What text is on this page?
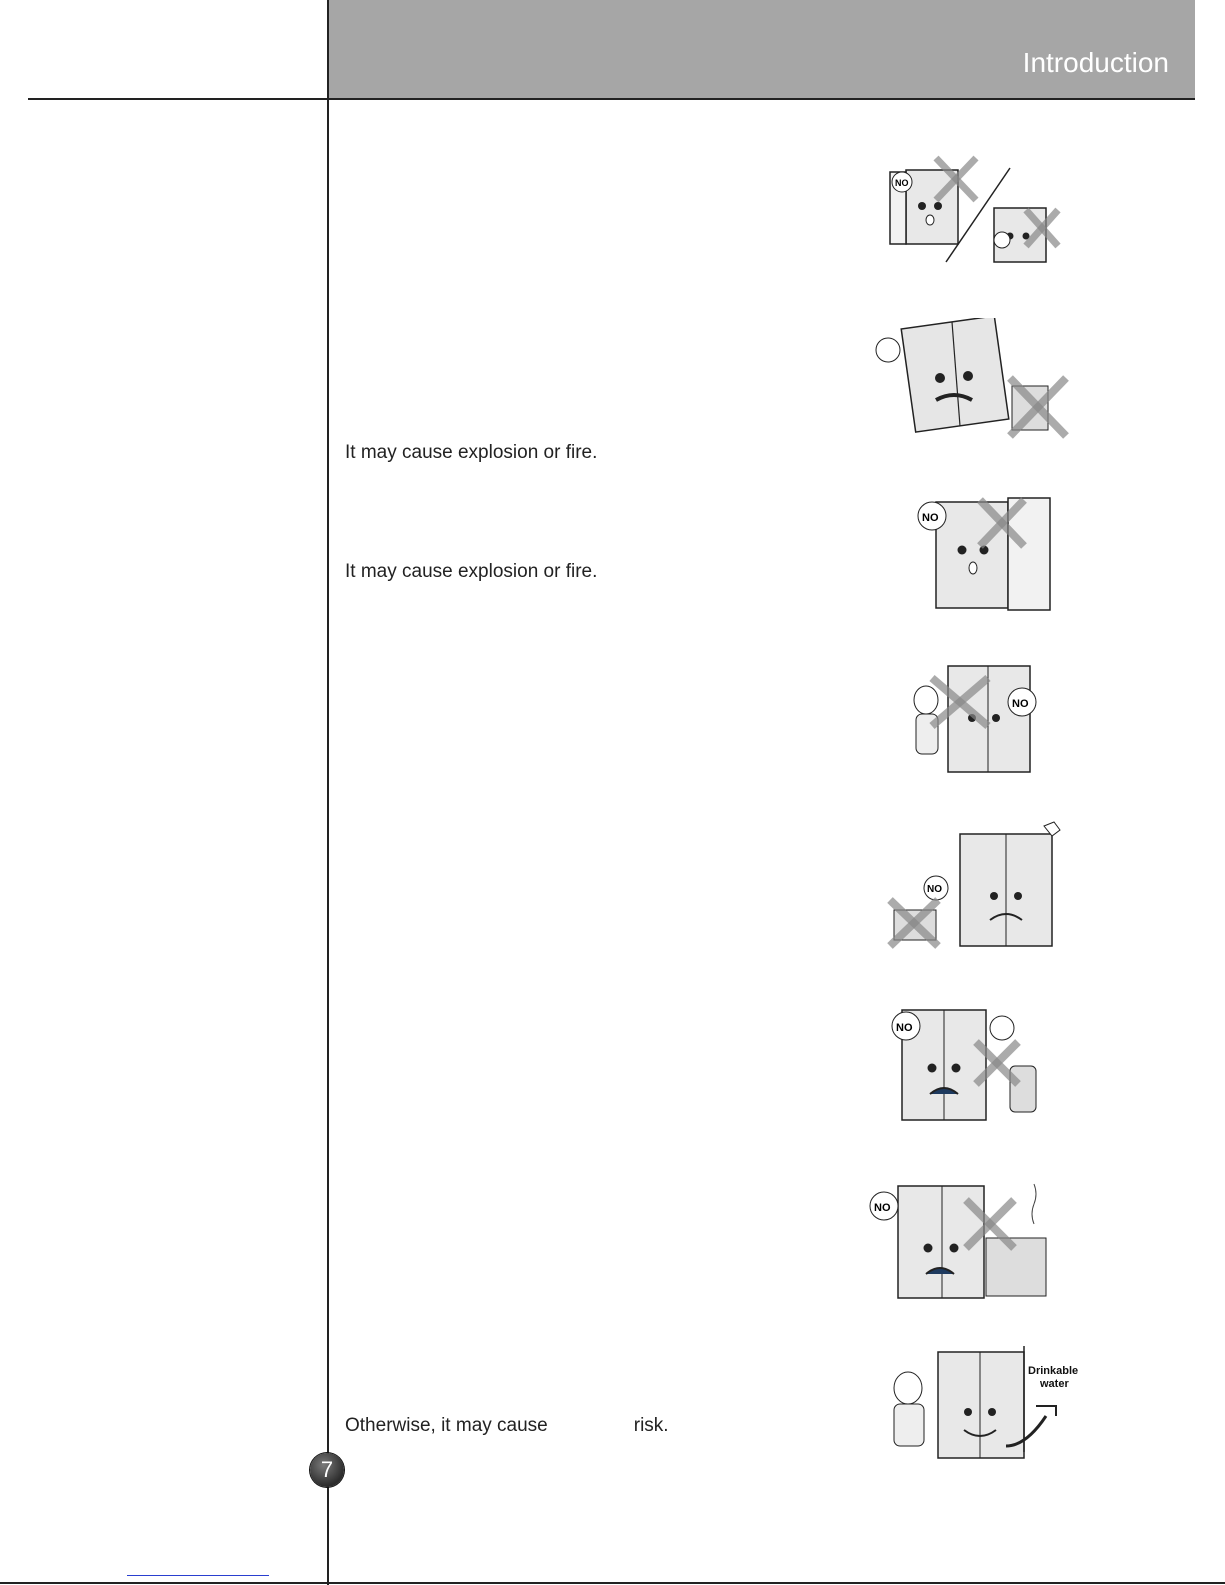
Introduction
It may cause explosion or fire.
It may cause explosion or fire.
Otherwise, it may cause	risk.
NO
NO
NO
NO
NO
NO
Drinkable
water
7
